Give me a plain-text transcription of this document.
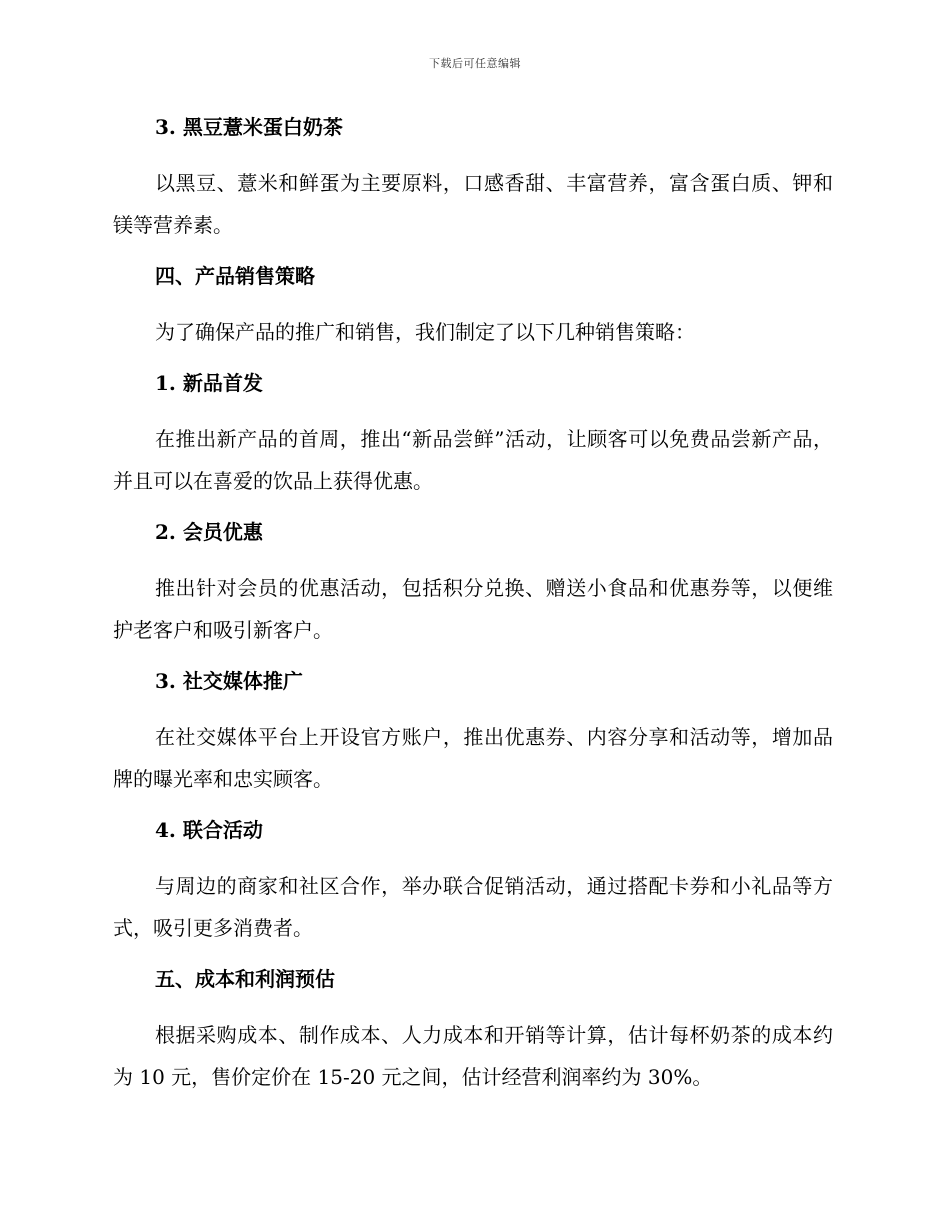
下载后可任意编辑
3. 黑豆薏米蛋白奶茶

以黑豆、薏米和鲜蛋为主要原料，口感香甜、丰富营养，富含蛋白质、钾和镁等营养素。

四、产品销售策略

为了确保产品的推广和销售，我们制定了以下几种销售策略：

1. 新品首发

在推出新产品的首周，推出“新品尝鲜”活动，让顾客可以免费品尝新产品，并且可以在喜爱的饮品上获得优惠。

2. 会员优惠

推出针对会员的优惠活动，包括积分兑换、赠送小食品和优惠券等，以便维护老客户和吸引新客户。

3. 社交媒体推广

在社交媒体平台上开设官方账户，推出优惠券、内容分享和活动等，增加品牌的曝光率和忠实顾客。

4. 联合活动

与周边的商家和社区合作，举办联合促销活动，通过搭配卡券和小礼品等方式，吸引更多消费者。

五、成本和利润预估

根据采购成本、制作成本、人力成本和开销等计算，估计每杯奶茶的成本约为 10 元，售价定价在 15-20 元之间，估计经营利润率约为 30%。
